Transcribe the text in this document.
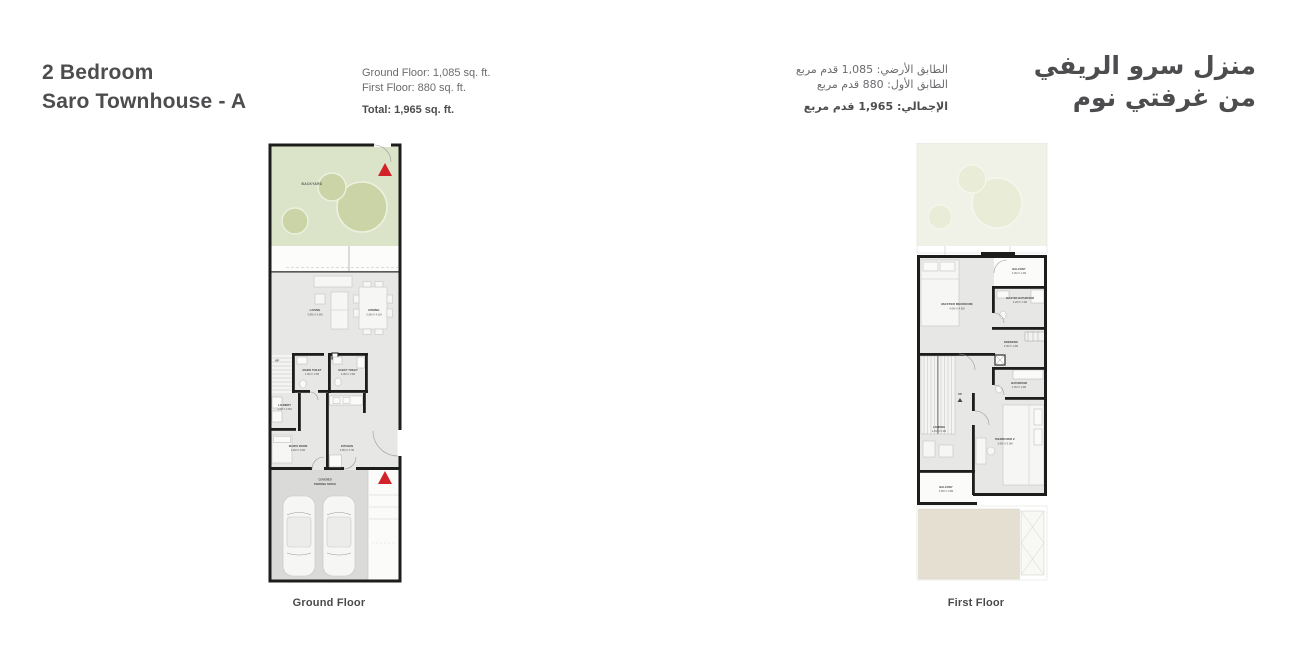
2 Bedroom
Saro Townhouse - A
Ground Floor: 1,085 sq. ft.
First Floor: 880 sq. ft.
Total: 1,965 sq. ft.
الطابق الأرضي: 1,085 قدم مربع
الطابق الأول: 880 قدم مربع
الإجمالي: 1,965 قدم مربع
منزل سرو الريفي
من غرفتي نوم
BACKYARD
COVERED
PARKING SPACE
UP
LIVING
3.8M X 4.5M
DINING
2.5M X 4.1M
MAIDS TOILET
1.4M X 1.5M
GUEST TOILET
2.0M X 1.5M
LAUNDRY
1.2M X 2.5M
MAID'S ROOM
2.4M X 3.0M
KITCHEN
2.5M X 3.7M
UP
MASTER BEDROOM
4.0M X 4.5M
BALCONY
2.2M X 1.4M
MASTER BATHROOM
2.2M X 1.9M
DRESSING
2.3M X 1.8M
BATHROOM
2.4M X 1.9M
LANDING
2.1M X 2.4M
BEDROOM 2
3.6M X 5.0M
BALCONY
2.5M X 1.8M
Ground Floor	First Floor
